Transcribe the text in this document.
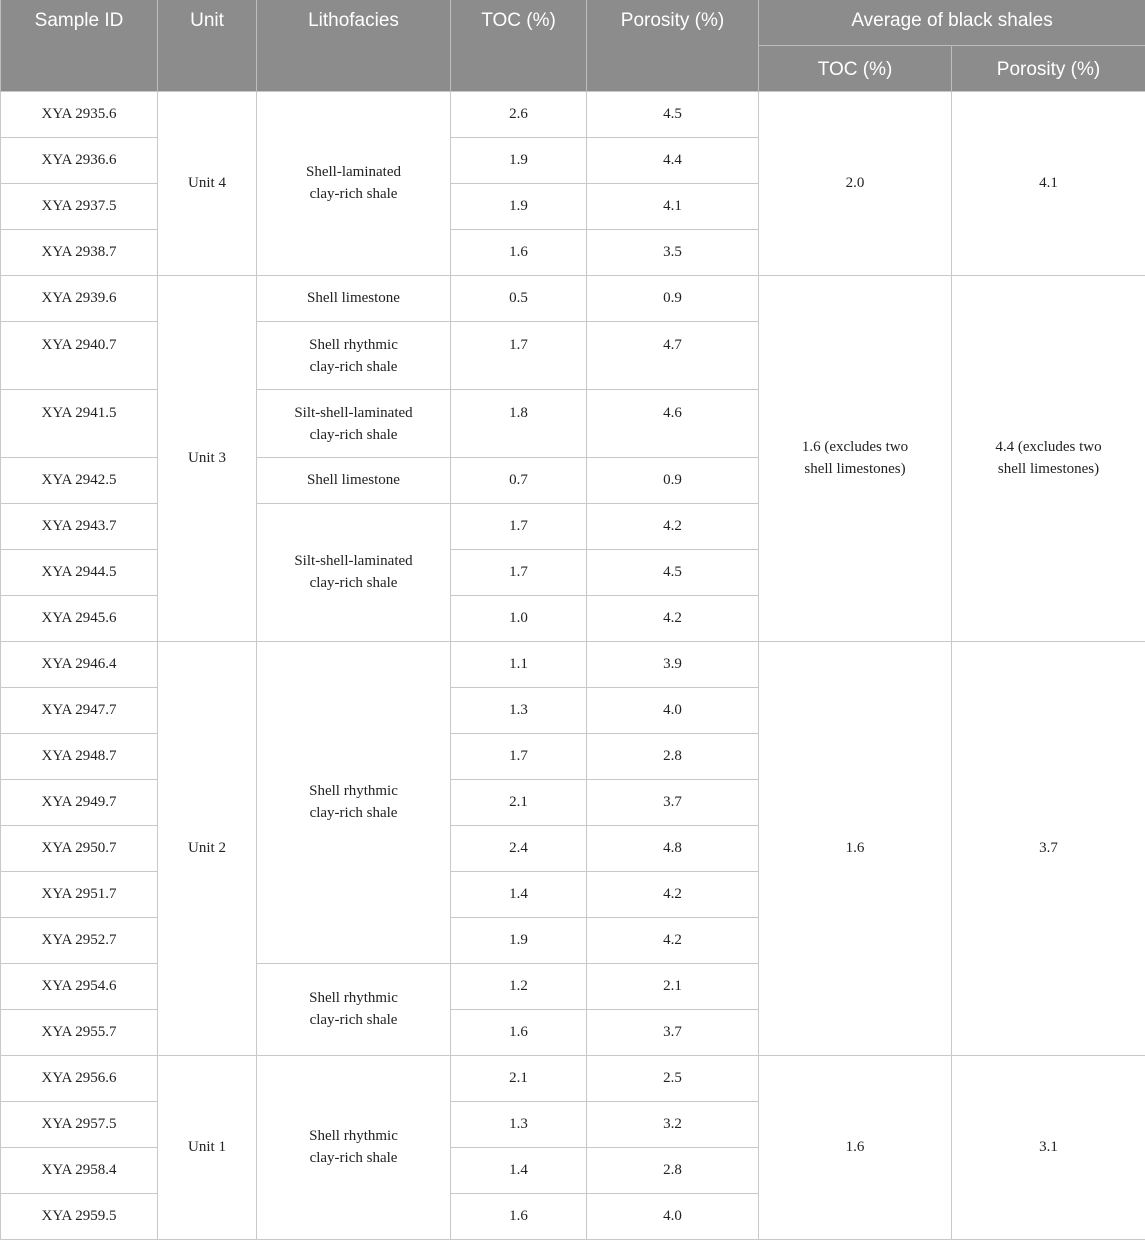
Sample ID	Unit	Lithofacies	TOC (%)	Porosity (%)	Average of black shales	
					TOC (%)	Porosity (%)
XYA 2935.6	Unit 4	Shell-laminated
clay-rich shale	2.6	4.5	2.0	4.1
XYA 2936.6			1.9	4.4		
XYA 2937.5			1.9	4.1		
XYA 2938.7			1.6	3.5		
XYA 2939.6	Unit 3	Shell limestone	0.5	0.9	1.6 (excludes two
shell limestones)	4.4 (excludes two
shell limestones)
XYA 2940.7		Shell rhythmic
clay-rich shale	1.7	4.7		
XYA 2941.5		Silt-shell-laminated
clay-rich shale	1.8	4.6		
XYA 2942.5		Shell limestone	0.7	0.9		
XYA 2943.7		Silt-shell-laminated
clay-rich shale	1.7	4.2		
XYA 2944.5			1.7	4.5		
XYA 2945.6			1.0	4.2		
XYA 2946.4	Unit 2	Shell rhythmic
clay-rich shale	1.1	3.9	1.6	3.7
XYA 2947.7			1.3	4.0		
XYA 2948.7			1.7	2.8		
XYA 2949.7			2.1	3.7		
XYA 2950.7			2.4	4.8		
XYA 2951.7			1.4	4.2		
XYA 2952.7			1.9	4.2		
XYA 2954.6		Shell rhythmic
clay-rich shale	1.2	2.1		
XYA 2955.7			1.6	3.7		
XYA 2956.6	Unit 1	Shell rhythmic
clay-rich shale	2.1	2.5	1.6	3.1
XYA 2957.5			1.3	3.2		
XYA 2958.4			1.4	2.8		
XYA 2959.5			1.6	4.0		
